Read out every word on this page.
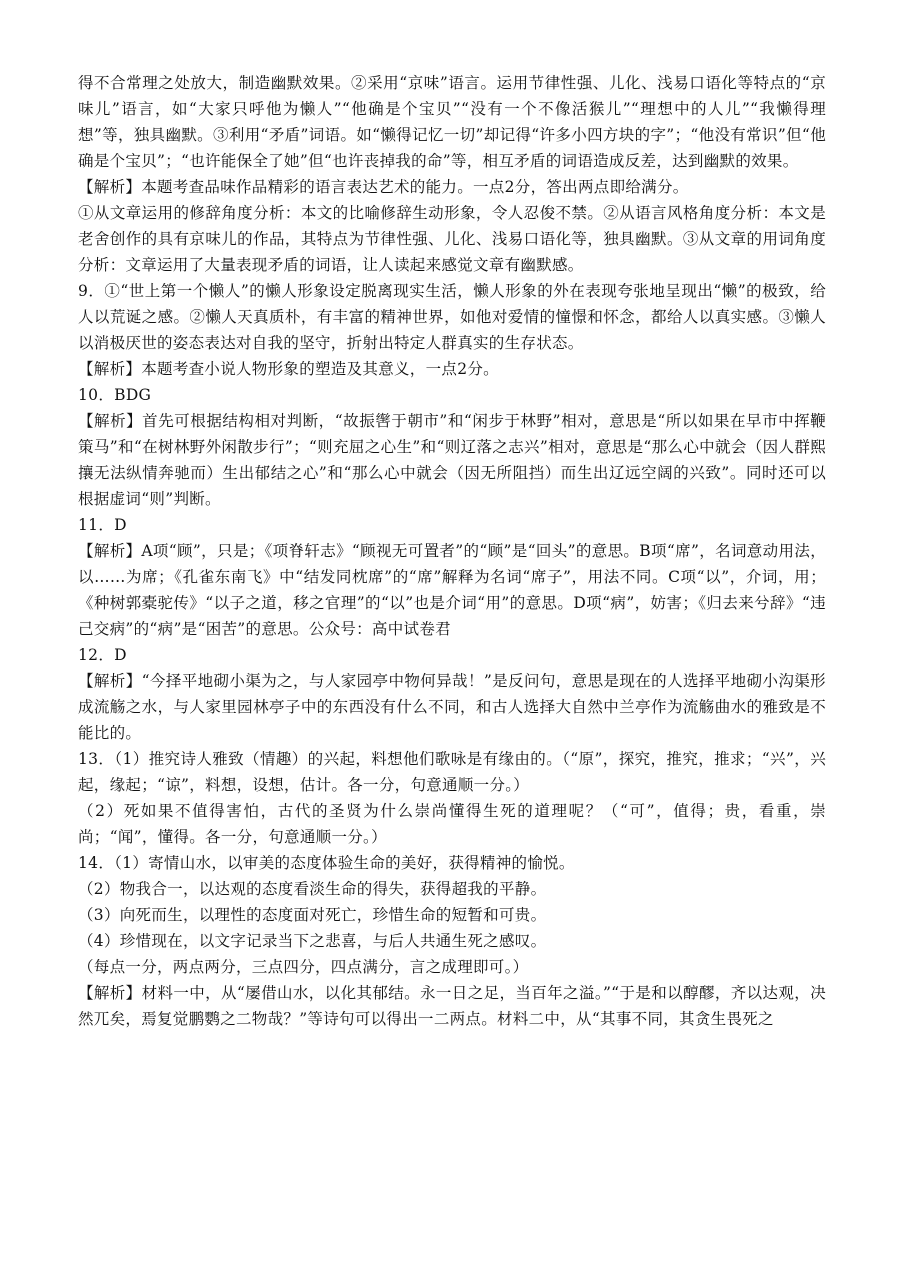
得不合常理之处放大，制造幽默效果。②采用“京味”语言。运用节律性强、儿化、浅易口语化等特点的“京味儿”语言，如“大家只呼他为懒人”“他确是个宝贝”“没有一个不像活猴儿”“理想中的人儿”“我懒得理想”等，独具幽默。③利用“矛盾”词语。如“懒得记忆一切”却记得“许多小四方块的字”；“他没有常识”但“他确是个宝贝”；“也许能保全了她”但“也许丧掉我的命”等，相互矛盾的词语造成反差，达到幽默的效果。

【解析】本题考查品味作品精彩的语言表达艺术的能力。一点2分，答出两点即给满分。

①从文章运用的修辞角度分析：本文的比喻修辞生动形象，令人忍俊不禁。②从语言风格角度分析：本文是老舍创作的具有京味儿的作品，其特点为节律性强、儿化、浅易口语化等，独具幽默。③从文章的用词角度分析：文章运用了大量表现矛盾的词语，让人读起来感觉文章有幽默感。

9．①“世上第一个懒人”的懒人形象设定脱离现实生活，懒人形象的外在表现夸张地呈现出“懒”的极致，给人以荒诞之感。②懒人天真质朴，有丰富的精神世界，如他对爱情的憧憬和怀念，都给人以真实感。③懒人以消极厌世的姿态表达对自我的坚守，折射出特定人群真实的生存状态。

【解析】本题考查小说人物形象的塑造及其意义，一点2分。

10．BDG

【解析】首先可根据结构相对判断，“故振辔于朝市”和“闲步于林野”相对，意思是“所以如果在早市中挥鞭策马”和“在树林野外闲散步行”；“则充屈之心生”和“则辽落之志兴”相对，意思是“那么心中就会（因人群熙攘无法纵情奔驰而）生出郁结之心”和“那么心中就会（因无所阻挡）而生出辽远空阔的兴致”。同时还可以根据虚词“则”判断。

11．D

【解析】A项“顾”，只是；《项脊轩志》“顾视无可置者”的“顾”是“回头”的意思。B项“席”，名词意动用法，以……为席；《孔雀东南飞》中“结发同枕席”的“席”解释为名词“席子”，用法不同。C项“以”，介词，用；《种树郭橐驼传》“以子之道，移之官理”的“以”也是介词“用”的意思。D项“病”，妨害；《归去来兮辞》“违己交病”的“病”是“困苦”的意思。公众号：高中试卷君

12．D

【解析】“今择平地砌小渠为之，与人家园亭中物何异哉！”是反问句，意思是现在的人选择平地砌小沟渠形成流觞之水，与人家里园林亭子中的东西没有什么不同，和古人选择大自然中兰亭作为流觞曲水的雅致是不能比的。

13．（1）推究诗人雅致（情趣）的兴起，料想他们歌咏是有缘由的。（“原”，探究，推究，推求；“兴”，兴起，缘起；“谅”，料想，设想，估计。各一分，句意通顺一分。）

（2）死如果不值得害怕，古代的圣贤为什么崇尚懂得生死的道理呢？（“可”，值得；贵，看重，崇尚；“闻”，懂得。各一分，句意通顺一分。）

14．（1）寄情山水，以审美的态度体验生命的美好，获得精神的愉悦。

（2）物我合一，以达观的态度看淡生命的得失，获得超我的平静。

（3）向死而生，以理性的态度面对死亡，珍惜生命的短暂和可贵。

（4）珍惜现在，以文字记录当下之悲喜，与后人共通生死之感叹。

（每点一分，两点两分，三点四分，四点满分，言之成理即可。）

【解析】材料一中，从“屡借山水，以化其郁结。永一日之足，当百年之溢。”“于是和以醇醪，齐以达观，决然兀矣，焉复觉鹏鹦之二物哉？”等诗句可以得出一二两点。材料二中，从“其事不同，其贪生畏死之
